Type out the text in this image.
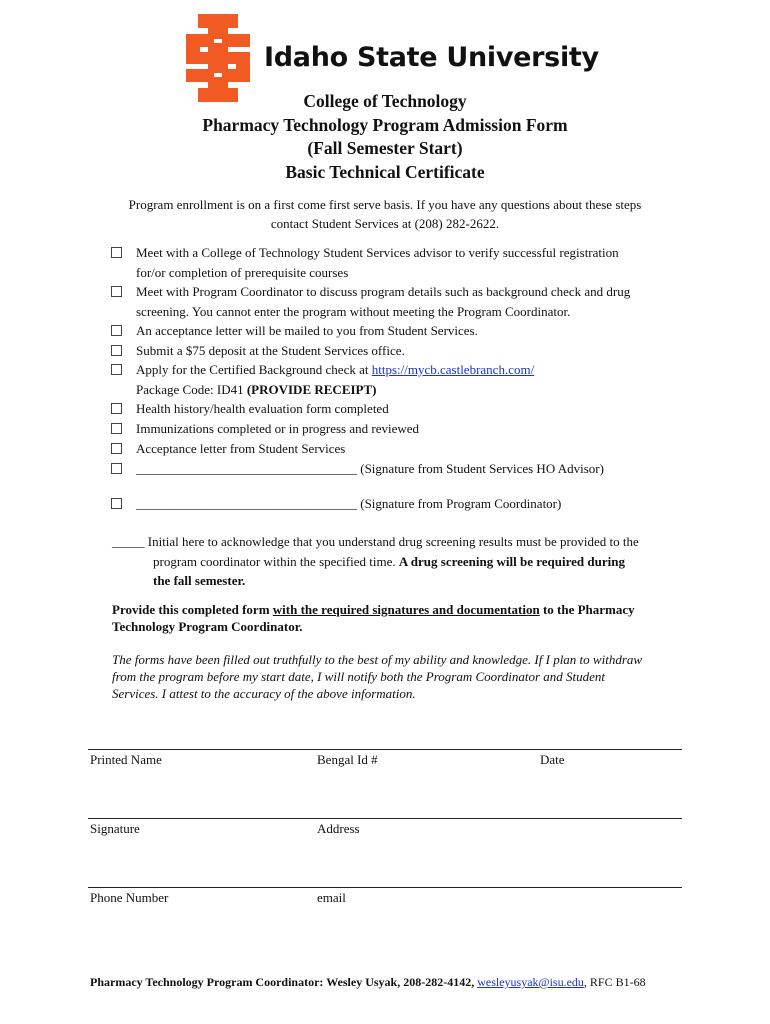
Idaho State University
College of Technology
Pharmacy Technology Program Admission Form
(Fall Semester Start)
Basic Technical Certificate
Program enrollment is on a first come first serve basis. If you have any questions about these steps
contact Student Services at (208) 282-2622.
Meet with a College of Technology Student Services advisor to verify successful registration
for/or completion of prerequisite courses
Meet with Program Coordinator to discuss program details such as background check and drug
screening. You cannot enter the program without meeting the Program Coordinator.
An acceptance letter will be mailed to you from Student Services.
Submit a $75 deposit at the Student Services office.
Apply for the Certified Background check at https://mycb.castlebranch.com/
Package Code: ID41 (PROVIDE RECEIPT)
Health history/health evaluation form completed
Immunizations completed or in progress and reviewed
Acceptance letter from Student Services
__________________________________ (Signature from Student Services HO Advisor)
__________________________________ (Signature from Program Coordinator)
_____ Initial here to acknowledge that you understand drug screening results must be provided to the
program coordinator within the specified time. A drug screening will be required during
the fall semester.
Provide this completed form with the required signatures and documentation to the Pharmacy
Technology Program Coordinator.
The forms have been filled out truthfully to the best of my ability and knowledge. If I plan to withdraw
from the program before my start date, I will notify both the Program Coordinator and Student
Services. I attest to the accuracy of the above information.
Printed Name	Bengal Id #	Date
Signature	Address
Phone Number	email
Pharmacy Technology Program Coordinator: Wesley Usyak, 208-282-4142, wesleyusyak@isu.edu, RFC B1-68
